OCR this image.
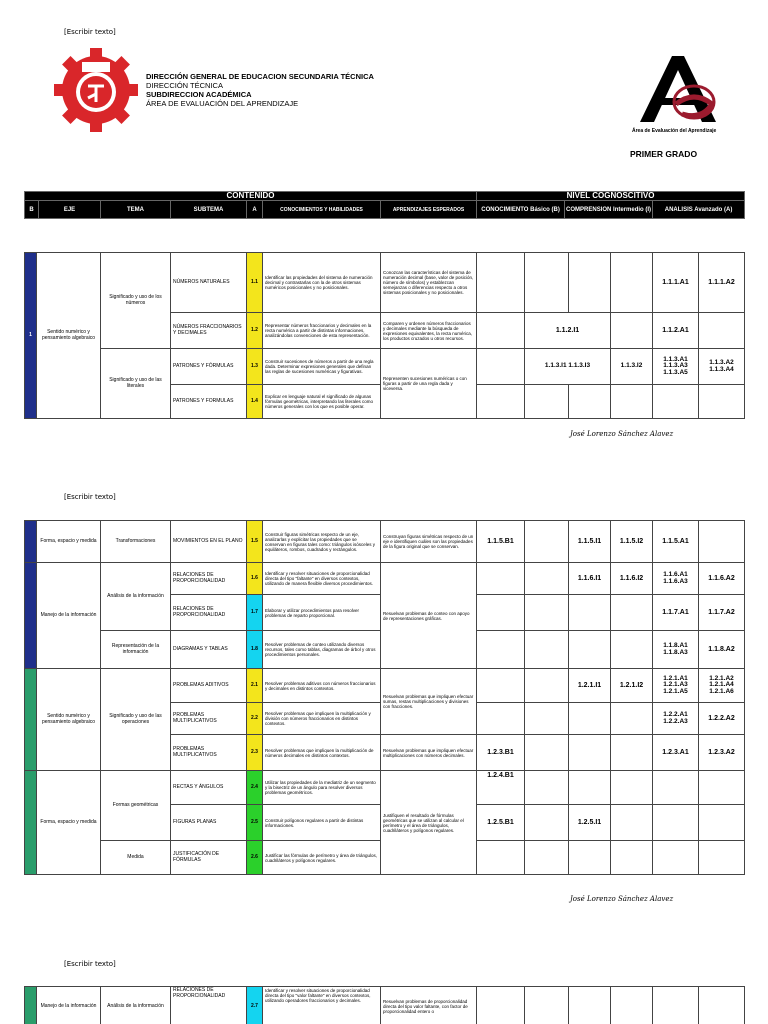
[Escribir texto]
DIRECCIÓN GENERAL DE EDUCACION SECUNDARIA TÉCNICA
DIRECCIÓN TÉCNICA
SUBDIRECCION ACADÉMICA
ÁREA DE EVALUACIÓN DEL APRENDIZAJE
Área de Evaluación del Aprendizaje
PRIMER GRADO
CONTENIDO							NIVEL COGNOSCITIVO		
B	EJE	TEMA	SUBTEMA	A	CONOCIMIENTOS Y HABILIDADES	APRENDIZAJES ESPERADOS	CONOCIMIENTO Básico (B)	COMPRENSION Intermedio (I)	ANALISIS Avanzado (A)
1	Sentido numérico y pensamiento algebraico	Significado y uso de los números	NÚMEROS NATURALES	1.1	Identificar las propiedades del sistema de numeración decimal y contrastarlas con la de otros sistemas numéricos posicionales y no posicionales.	Conozcan las características del sistema de numeración decimal (base, valor de posición, número de símbolos) y establezcan semejanzas o diferencias respecto a otros sistemas posicionales y no posicionales.					1.1.1.A1	1.1.1.A2
			NÚMEROS FRACCIONARIOS Y DECIMALES	1.2	Representar números fraccionarios y decimales en la recta numérica a partir de distintas informaciones, analizándolas convenciones de esta representación.	Comparen y ordenen números fraccionarios y decimales mediante la búsqueda de expresiones equivalentes, la recta numérica, los productos cruzados u otros recursos.		1.1.2.I1			1.1.2.A1	
		Significado y uso de las literales	PATRONES Y FÓRMULAS	1.3	Construir sucesiones de números a partir de una regla dada. Determinar expresiones generales que definan las reglas de sucesiones numéricas y figurativas.	Representen sucesiones numéricas o con figuras a partir de una regla dada y viceversa.		1.1.3.I1 1.1.3.I3		1.1.3.I2	1.1.3.A1 1.1.3.A3 1.1.3.A5	1.1.3.A2 1.1.3.A4
			PATRONES Y FORMULAS	1.4	Explicar en lenguaje natural el significado de algunas fórmulas geométricas, interpretando las literales como números generales con los que es posible operar.							
José Lorenzo Sánchez Alavez
[Escribir texto]
	Forma, espacio y medida	Transformaciones	MOVIMIENTOS EN EL PLANO	1.5	Construir figuras simétricas respecto de un eje, analizarlas y explicitar las propiedades que se conservan en figuras tales como: triángulos isósceles y equiláteros, rombos, cuadrados y rectángulos.	Construyan figuras simétricas respecto de un eje e identifiquen cuáles son las propiedades de la figura original que se conservan.	1.1.5.B1		1.1.5.I1	1.1.5.I2	1.1.5.A1	
	Manejo de la información	Análisis de la información	RELACIONES DE PROPORCIONALIDAD	1.6	Identificar y resolver situaciones de proporcionalidad directa del tipo "faltante" en diversos contextos, utilizando de manera flexible diversos procedimientos.	Resuelvan problemas de conteo con apoyo de representaciones gráficas.			1.1.6.I1	1.1.6.I2	1.1.6.A1 1.1.6.A3	1.1.6.A2
			RELACIONES DE PROPORCIONALIDAD	1.7	Elaborar y utilizar procedimientos para resolver problemas de reparto proporcional.						1.1.7.A1	1.1.7.A2
		Representación de la información	DIAGRAMAS Y TABLAS	1.8	Resolver problemas de conteo utilizando diversos recursos, tales como tablas, diagramas de árbol y otros procedimientos personales.						1.1.8.A1 1.1.8.A3	1.1.8.A2
	Sentido numérico y pensamiento algebraico	Significado y uso de las operaciones	PROBLEMAS ADITIVOS	2.1	Resolver problemas aditivos con números fraccionarios y decimales en distintos contextos.	Resuelvan problemas que impliquen efectuar sumas, restas multiplicaciones y divisiones con fracciones.			1.2.1.I1	1.2.1.I2	1.2.1.A1 1.2.1.A3 1.2.1.A5	1.2.1.A2 1.2.1.A4 1.2.1.A6
			PROBLEMAS MULTIPLICATIVOS	2.2	Resolver problemas que impliquen la multiplicación y división con números fraccionarios en distintos contextos.						1.2.2.A1 1.2.2.A3	1.2.2.A2
			PROBLEMAS MULTIPLICATIVOS	2.3	Resolver problemas que impliquen la multiplicación de números decimales en distintos contextos.	Resuelvan problemas que impliquen efectuar multiplicaciones con números decimales.	1.2.3.B1				1.2.3.A1	1.2.3.A2
	Forma, espacio y medida	Formas geométricas	RECTAS Y ÁNGULOS	2.4	Utilizar las propiedades de la mediatriz de un segmento y la bisectriz de un ángulo para resolver diversos problemas geométricos.	Justifiquen el resultado de fórmulas geométricas que se utilizan al calcular el perímetro y el área de triángulos, cuadriláteros y polígonos regulares.	1.2.4.B1					
			FIGURAS PLANAS	2.5	Construir polígonos regulares a partir de distintas informaciones.		1.2.5.B1		1.2.5.I1			
		Medida	JUSTIFICACIÓN DE FÓRMULAS	2.6	Justificar las fórmulas de perímetro y área de triángulos, cuadriláteros y polígonos regulares.							
José Lorenzo Sánchez Alavez
[Escribir texto]
	Manejo de la información	Análisis de la información	RELACIONES DE PROPORCIONALIDAD	2.7	Identificar y resolver situaciones de proporcionalidad directa del tipo "valor faltante" en diversos contextos, utilizando operadores fraccionarios y decimales.	Resuelvan problemas de proporcionalidad directa del tipo valor faltante, con factor de proporcionalidad entero o						
